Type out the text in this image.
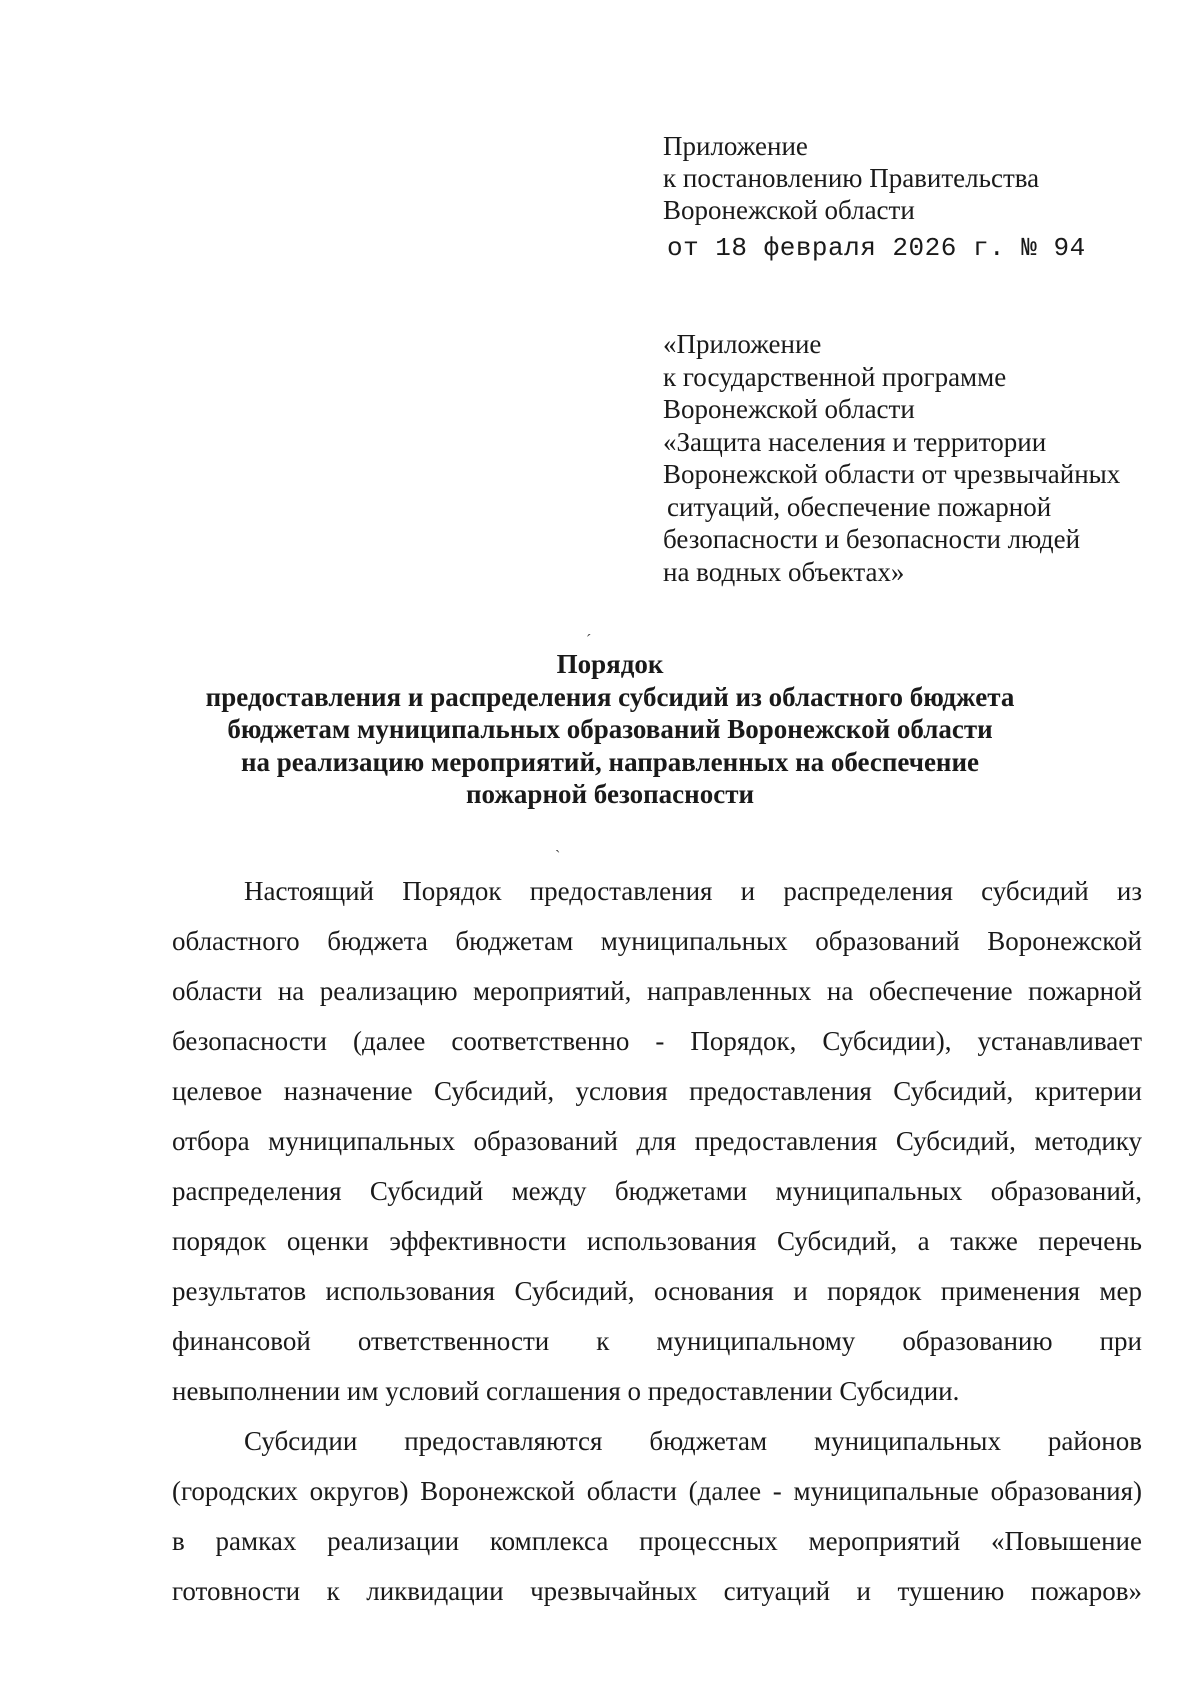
Приложение
к постановлению Правительства
Воронежской области
от 18 февраля 2026 г. № 94
«Приложение
к государственной программе
Воронежской области
«Защита населения и территории
Воронежской области от чрезвычайных
ситуаций, обеспечение пожарной
безопасности и безопасности людей
на водных объектах»
Порядок
предоставления и распределения субсидий из областного бюджета
бюджетам муниципальных образований Воронежской области
на реализацию мероприятий, направленных на обеспечение
пожарной безопасности

Настоящий Порядок предоставления и распределения субсидий из
областного бюджета бюджетам муниципальных образований Воронежской
области на реализацию мероприятий, направленных на обеспечение пожарной
безопасности (далее соответственно - Порядок, Субсидии), устанавливает
целевое назначение Субсидий, условия предоставления Субсидий, критерии
отбора муниципальных образований для предоставления Субсидий, методику
распределения Субсидий между бюджетами муниципальных образований,
порядок оценки эффективности использования Субсидий, а также перечень
результатов использования Субсидий, основания и порядок применения мер
финансовой ответственности к муниципальному образованию при
невыполнении им условий соглашения о предоставлении Субсидии.

Субсидии предоставляются бюджетам муниципальных районов
(городских округов) Воронежской области (далее - муниципальные образования)
в рамках реализации комплекса процессных мероприятий «Повышение
готовности к ликвидации чрезвычайных ситуаций и тушению пожаров»

ˊ
ˋ
